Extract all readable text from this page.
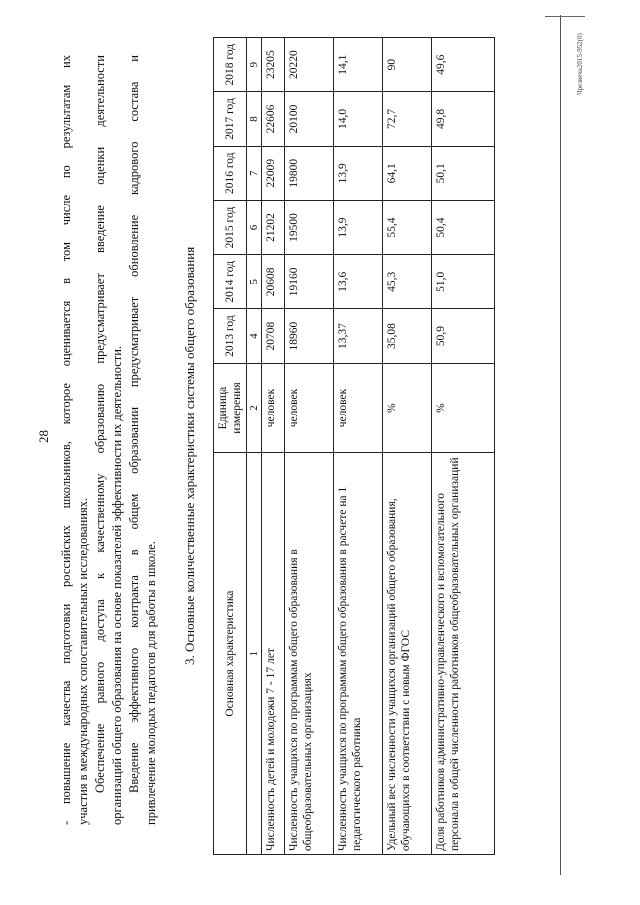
28 - повышение качества подготовки российских школьников, которое оценивается в том числе по результатам их участия в международных сопоставительных исследованиях. Обеспечение равного доступа к качественному образованию предусматривает введение оценки деятельности организаций общего образования на основе показателей эффективности их деятельности. Введение эффективного контракта в общем образовании предусматривает обновление кадрового состава и привлечение молодых педагогов для работы в школе.
3. Основные количественные характеристики системы общего образования Основная характеристика	Единица измерения	2013 год	2014 год	2015 год	2016 год	2017 год	2018 год
1	2	4	5	6	7	8	9
Численность детей и молодежи 7 - 17 лет	человек	20708	20608	21202	22009	22606	23205
Численность учащихся по программам общего образования в общеобразовательных организациях	человек	18960	19160	19500	19800	20100	20220
Численность учащихся по программам общего образования в расчете на 1 педагогического работника	человек	13,37	13,6	13,9	13,9	14,0	14,1
Удельный вес численности учащихся организаций общего образования, обучающихся в соответствии с новым ФГОС	%	35,08	45,3	55,4	64,1	72,7	90
Доля работников административно-управленческого и вспомогательного персонала в общей численности работников общеобразовательных организаций	%	50,9	51,0	50,4	50,1	49,8	49,6	Чрезвеча2015-952(0)
